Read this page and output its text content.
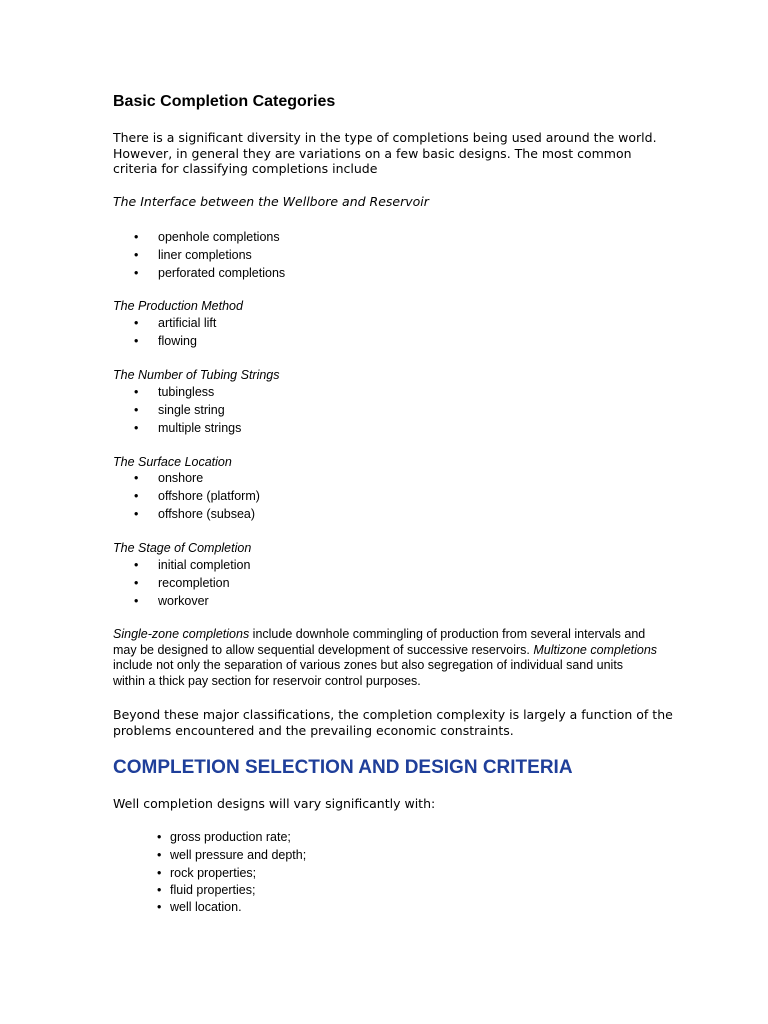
Basic Completion Categories

There is a significant diversity in the type of completions being used around the world. However, in general they are variations on a few basic designs. The most common criteria for classifying completions include

The Interface between the Wellbore and Reservoir

• openhole completions
• liner completions
• perforated completions

The Production Method

• artificial lift
• flowing

The Number of Tubing Strings

• tubingless
• single string
• multiple strings

The Surface Location

• onshore
• offshore (platform)
• offshore (subsea)

The Stage of Completion

• initial completion
• recompletion
• workover

Single-zone completions include downhole commingling of production from several intervals and may be designed to allow sequential development of successive reservoirs. Multizone completions include not only the separation of various zones but also segregation of individual sand units within a thick pay section for reservoir control purposes.

Beyond these major classifications, the completion complexity is largely a function of the problems encountered and the prevailing economic constraints.

COMPLETION SELECTION AND DESIGN CRITERIA

Well completion designs will vary significantly with:

• gross production rate;
• well pressure and depth;
• rock properties;
• fluid properties;
• well location.
